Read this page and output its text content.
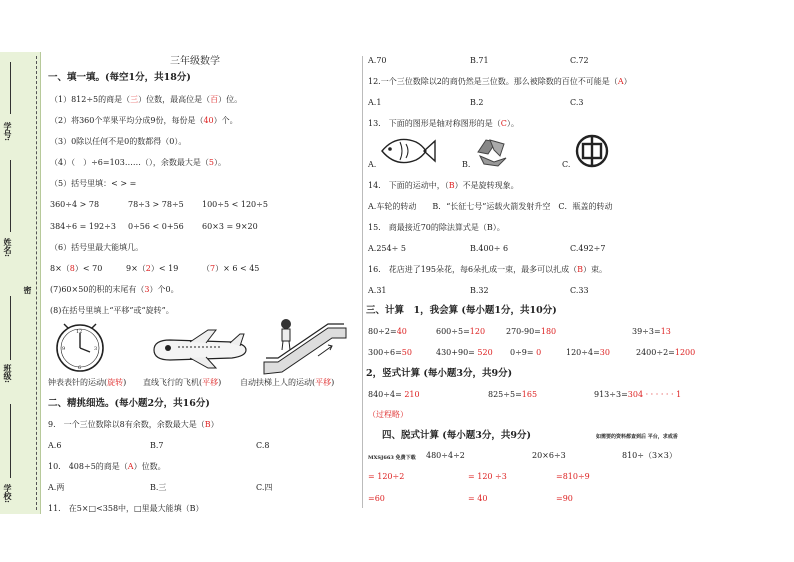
学号:
姓名:
密
班级:
学校:
三年级数学
一、填一填。(每空1分，共18分)
（1）812÷5的商是（三）位数，最高位是（百）位。
（2）将360个苹果平均分成9份，每份是（40）个。
（3）0除以任何不是0的数都得（0）。
（4）（　）÷6=103……（），余数最大是（5）。
（5）括号里填：< > =
360÷4 > 78	78÷3 > 78÷5 100÷5 < 120÷5
384÷6 = 192÷3 0÷56 < 0+56 60×3 = 9×20
（6）括号里最大能填几。
8×（8）< 70	9×（2）< 19	（7）× 6 < 45
(7)60×50的积的末尾有（3）个0。
(8)在括号里填上“平移”或“旋转”。
12
3
6
9
钟表表针的运动(旋转) 直线飞行的飞机(平移) 自动扶梯上人的运动(平移)
二、精挑细选。(每小题2分，共16分)
9.　一个三位数除以8有余数，余数最大是（B）
A.6	B.7	C.8
10.　408÷5的商是（A）位数。
A.两	B.三	C.四
11.　在5×□<358中，□里最大能填（B）
A.70	B.71	C.72
12.一个三位数除以2的商仍然是三位数。那么被除数的百位不可能是（A）
A.1	B.2	C.3
13.　下面的图形是轴对称图形的是（C）。
A.	B.	C.
14.　下面的运动中，（B）不是旋转现象。
A.车轮的转动　　B．“长征七号”运载火箭发射升空　C．瓶盖的转动
15.　商最接近70的除法算式是（B）。
A.254÷ 5	B.400÷ 6	C.492÷7
16.　花店进了195朵花，每6朵扎成一束，最多可以扎成（B）束。
A.31	B.32	C.33
三、计算　1，我会算 (每小题1分，共10分)
80÷2=40	600÷5=120	270-90=180	39÷3=13
300÷6=50	430+90= 520 0÷9= 0	120÷4=30	2400÷2=1200
2，竖式计算 (每小题3分，共9分)
840÷4= 210	825÷5=165	913÷3=304 · · · · · · 1
（过程略）
四、脱式计算 (每小题3分，共9分)	如需要的资料都查到后 平台，求戒香
MXSJ663 免费下载 480÷4÷2	20×6÷3	810÷（3×3）
= 120÷2	= 120 ÷3	=810÷9
=60	= 40	=90
